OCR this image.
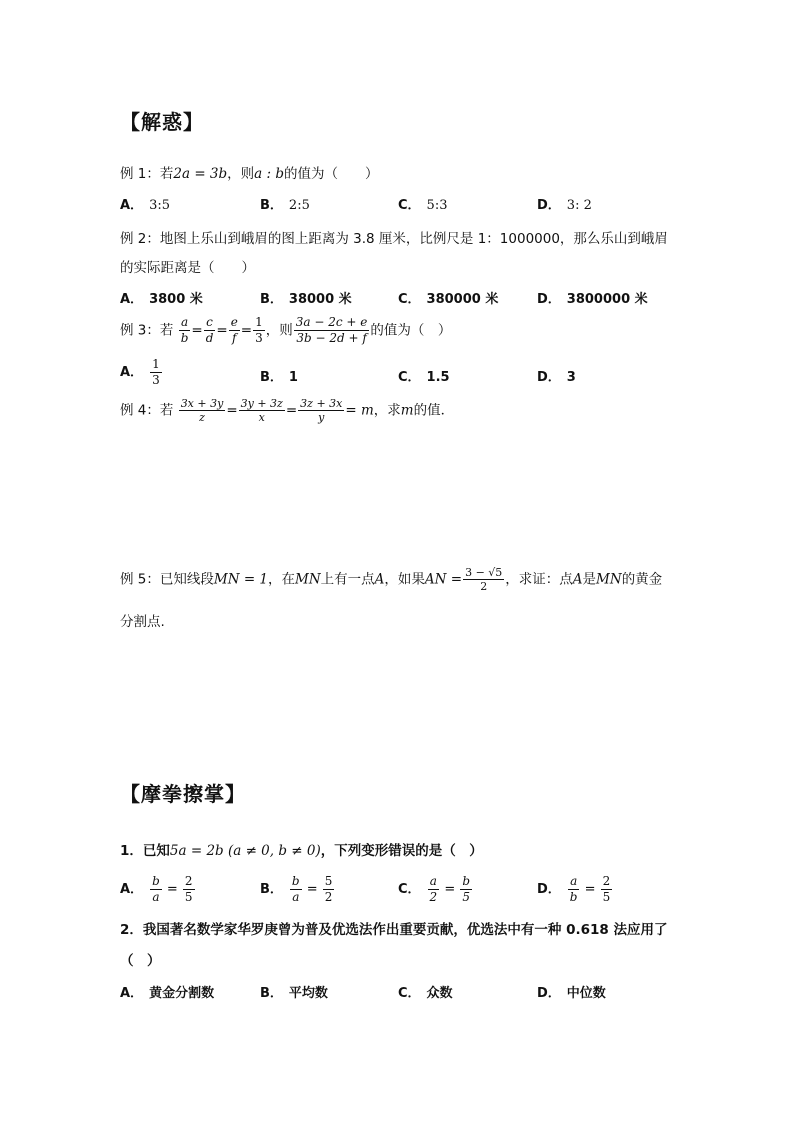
【解惑】
例 1：若2a = 3b，则a : b的值为（　　）
A． 3:5	B． 2:5	C． 5:3	D． 3: 2
例 2：地图上乐山到峨眉的图上距离为 3.8 厘米，比例尺是 1：1000000，那么乐山到峨眉
的实际距离是（　　）
A． 3800 米	B． 38000 米	C． 380000 米	D． 3800000 米
例 3：若 $\frac{a}{b} = \frac{c}{d} = \frac{e}{f} = \frac{1}{3}$ ，则 $\frac{3a - 2c + e}{3b - 2d + f}$ 的值为（　）
A． $\frac{1}{3}$	B． 1	C． 1.5	D． 3
例 4：若 $\frac{3x + 3y}{z} = \frac{3y + 3z}{x} = \frac{3z + 3x}{y} = m$，求m的值．
例 5：已知线段MN = 1，在MN上有一点A，如果AN = $\frac{3 - √5}{2}$ ，求证：点A是MN的黄金
分割点.
【摩拳擦掌】
1．已知5a = 2b (a ≠ 0, b ≠ 0)，下列变形错误的是（　）
A． $\frac{b}{a} = \frac{2}{5}$	B． $\frac{b}{a} = \frac{5}{2}$	C． $\frac{a}{2} = \frac{b}{5}$	D． $\frac{a}{b} = \frac{2}{5}$
2．我国著名数学家华罗庚曾为普及优选法作出重要贡献，优选法中有一种 0.618 法应用了
（　）
A． 黄金分割数	B． 平均数	C． 众数	D． 中位数
